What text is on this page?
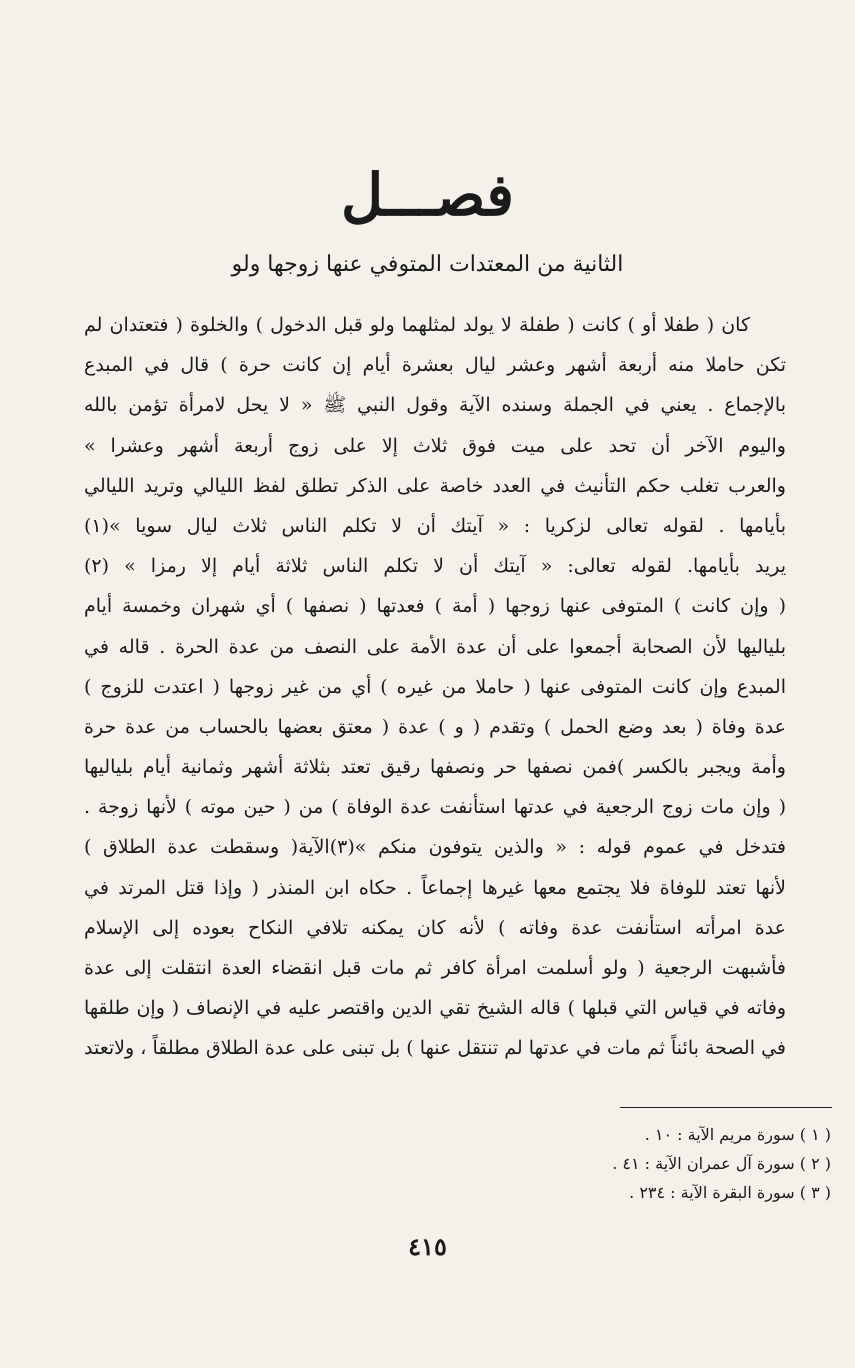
فصـــل
الثانية من المعتدات المتوفي عنها زوجها ولو
كان ( طفلا أو ) كانت ( طفلة لا يولد لمثلهما ولو قبل الدخول ) والخلوة ( فتعتدان لم
تكن حاملا منه أربعة أشهر وعشر ليال بعشرة أيام إن كانت حرة ) قال في المبدع
بالإجماع . يعني في الجملة وسنده الآية وقول النبي ﷺ « لا يحل لامرأة تؤمن بالله
واليوم الآخر أن تحد على ميت فوق ثلاث إلا على زوج أربعة أشهر وعشرا »
والعرب تغلب حكم التأنيث في العدد خاصة على الذكر تطلق لفظ الليالي وتريد الليالي
بأيامها . لقوله تعالى لزكريا : « آيتك أن لا تكلم الناس ثلاث ليال سويا »(١)
يريد بأيامها. لقوله تعالى: « آيتك أن لا تكلم الناس ثلاثة أيام إلا رمزا » (٢)
( وإن كانت ) المتوفى عنها زوجها ( أمة ) فعدتها ( نصفها ) أي شهران وخمسة أيام
بلياليها لأن الصحابة أجمعوا على أن عدة الأمة على النصف من عدة الحرة . قاله في
المبدع وإن كانت المتوفى عنها ( حاملا من غيره ) أي من غير زوجها ( اعتدت للزوج )
عدة وفاة ( بعد وضع الحمل ) وتقدم ( و ) عدة ( معتق بعضها بالحساب من عدة حرة
وأمة ويجبر بالكسر )فمن نصفها حر ونصفها رقيق تعتد بثلاثة أشهر وثمانية أيام بلياليها
( وإن مات زوج الرجعية في عدتها استأنفت عدة الوفاة ) من ( حين موته ) لأنها زوجة .
فتدخل في عموم قوله : « والذين يتوفون منكم »(٣)الآية( وسقطت عدة الطلاق )
لأنها تعتد للوفاة فلا يجتمع معها غيرها إجماعاً . حكاه ابن المنذر ( وإذا قتل المرتد في
عدة امرأته استأنفت عدة وفاته ) لأنه كان يمكنه تلافي النكاح بعوده إلى الإسلام
فأشبهت الرجعية ( ولو أسلمت امرأة كافر ثم مات قبل انقضاء العدة انتقلت إلى عدة
وفاته في قياس التي قبلها ) قاله الشيخ تقي الدين واقتصر عليه في الإنصاف ( وإن طلقها
في الصحة بائناً ثم مات في عدتها لم تنتقل عنها ) بل تبنى على عدة الطلاق مطلقاً ، ولاتعتد
( ١ ) سورة مريم الآية : ١٠ .
( ٢ ) سورة آل عمران الآية : ٤١ .
( ٣ ) سورة البقرة الآية : ٢٣٤ .
٤١٥
